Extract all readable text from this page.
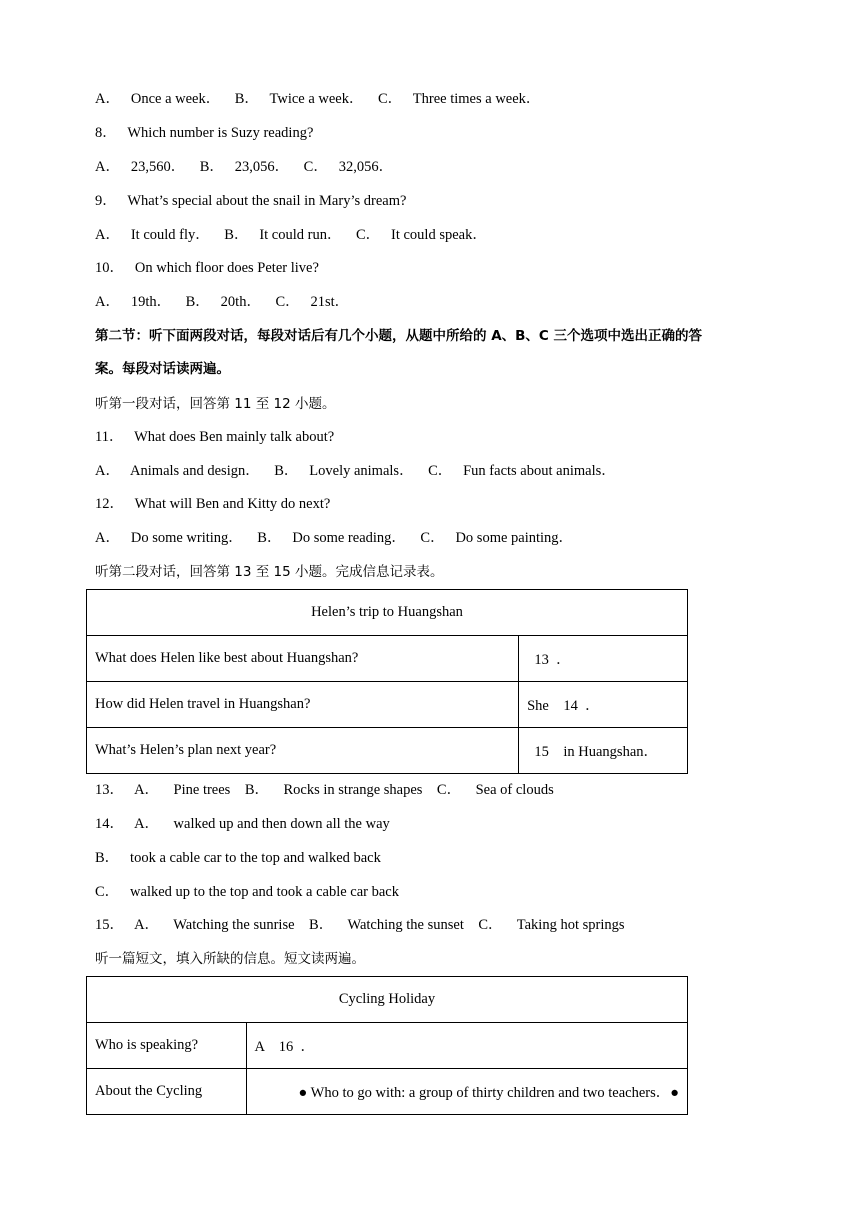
A．   Once a week．    B．   Twice a week．    C．   Three times a week．
8．   Which number is Suzy reading?
A．   23,560．    B．   23,056．    C．   32,056．
9．   What’s special about the snail in Mary’s dream?
A．   It could fly．    B．   It could run．    C．   It could speak．
10．   On which floor does Peter live?
A．   19th．    B．   20th．    C．   21st．
第二节：听下面两段对话，每段对话后有几个小题，从题中所给的 A、B、C 三个选项中选出正确的答
案。每段对话读两遍。
听第一段对话，回答第 11 至 12 小题。
11．   What does Ben mainly talk about?
A．   Animals and design．    B．   Lovely animals．    C．   Fun facts about animals．
12．   What will Ben and Kitty do next?
A．   Do some writing．    B．   Do some reading．    C．   Do some painting．
听第二段对话，回答第 13 至 15 小题。完成信息记录表。
Helen’s trip to Huangshan	
What does Helen like best about Huangshan?	13  ．
How did Helen travel in Huangshan?	She    14  ．
What’s Helen’s plan next year?	15    in Huangshan．
13．   A．    Pine trees    B．    Rocks in strange shapes    C．    Sea of clouds
14．   A．    walked up and then down all the way
B．   took a cable car to the top and walked back
C．   walked up to the top and took a cable car back
15．   A．    Watching the sunrise    B．    Watching the sunset    C．    Taking hot springs
听一篇短文，填入所缺的信息。短文读两遍。
Cycling Holiday	
Who is speaking?	A    16  ．
About the Cycling	● Who to go with: a group of thirty children and two teachers．●
